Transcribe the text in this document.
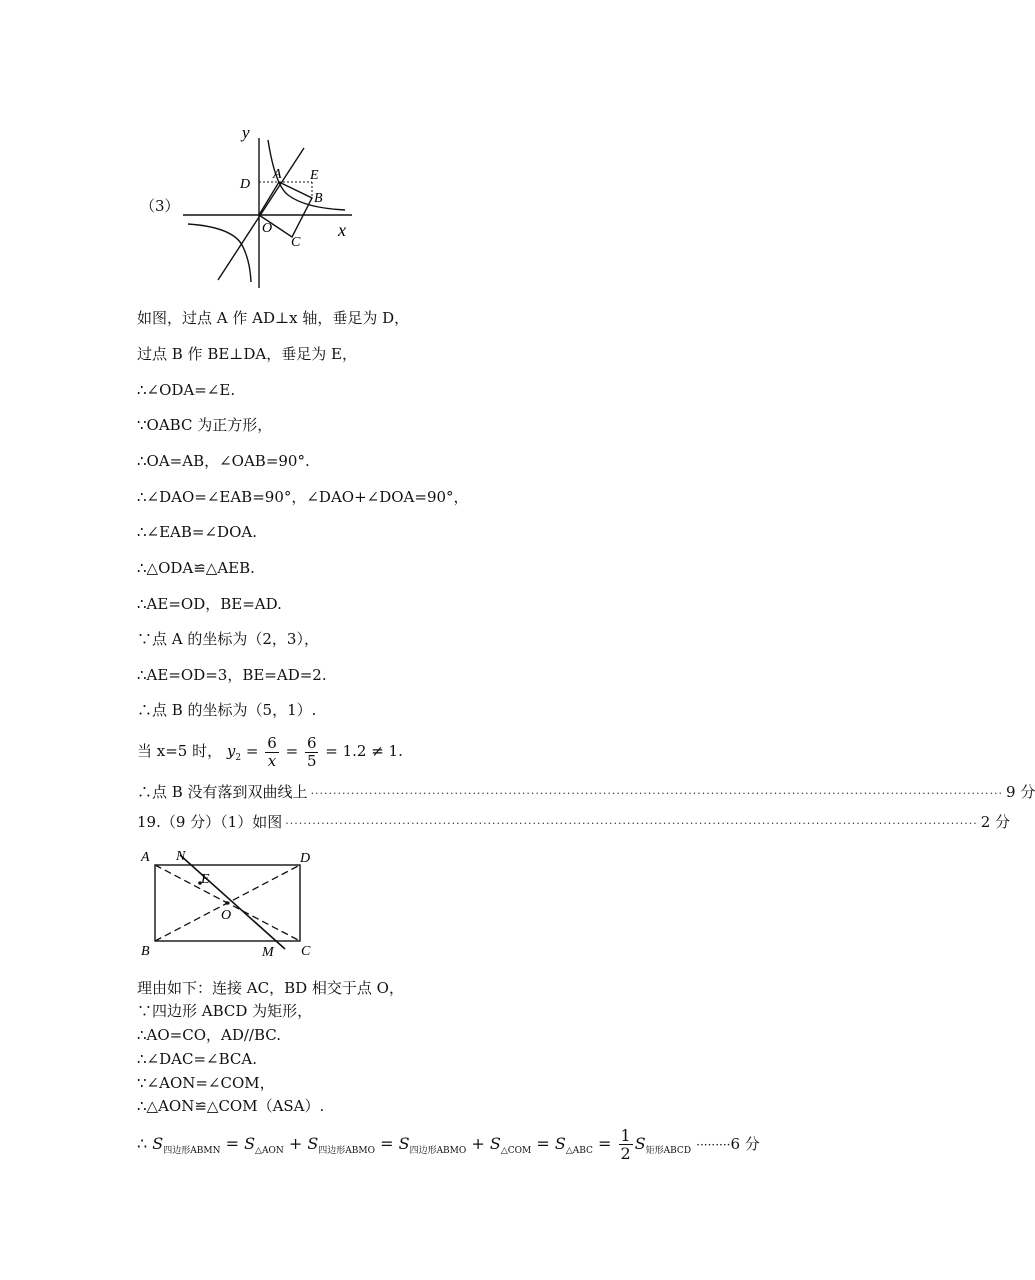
（3）
y
x
D
A E
B
O
C
如图，过点 A 作 AD⊥x 轴，垂足为 D，
过点 B 作 BE⊥DA，垂足为 E，
∴∠ODA=∠E.
∵OABC 为正方形，
∴OA=AB，∠OAB=90°.
∴∠DAO=∠EAB=90°，∠DAO+∠DOA=90°，
∴∠EAB=∠DOA.
∴△ODA≌△AEB.
∴AE=OD，BE=AD.
∵点 A 的坐标为（2，3），
∴AE=OD=3，BE=AD=2.
∴点 B 的坐标为（5，1）.
当 x=5 时， $y_2 = \frac{6}{x} = \frac{6}{5} = 1.2 \ne 1$.
∴点 B 没有落到双曲线上 ·························································································································································· 9 分
19.（9 分）（1）如图 ·························································································································································· 2 分
A N	D
E
O
B	M C
理由如下：连接 AC，BD 相交于点 O，
∵四边形 ABCD 为矩形，
∴AO=CO，AD//BC.
∴∠DAC=∠BCA.
∵∠AON=∠COM，
∴△AON≌△COM（ASA）.
∴ $S_{四边形ABMN} = S_{\triangle AON} + S_{四边形ABMO} = S_{四边形ABMO} + S_{\triangle COM} = S_{\triangle ABC} = \frac{1}{2} S_{矩形ABCD} \cdot\cdot\cdot\cdot\cdot\cdot\cdot\cdot\cdot 6$ 分
